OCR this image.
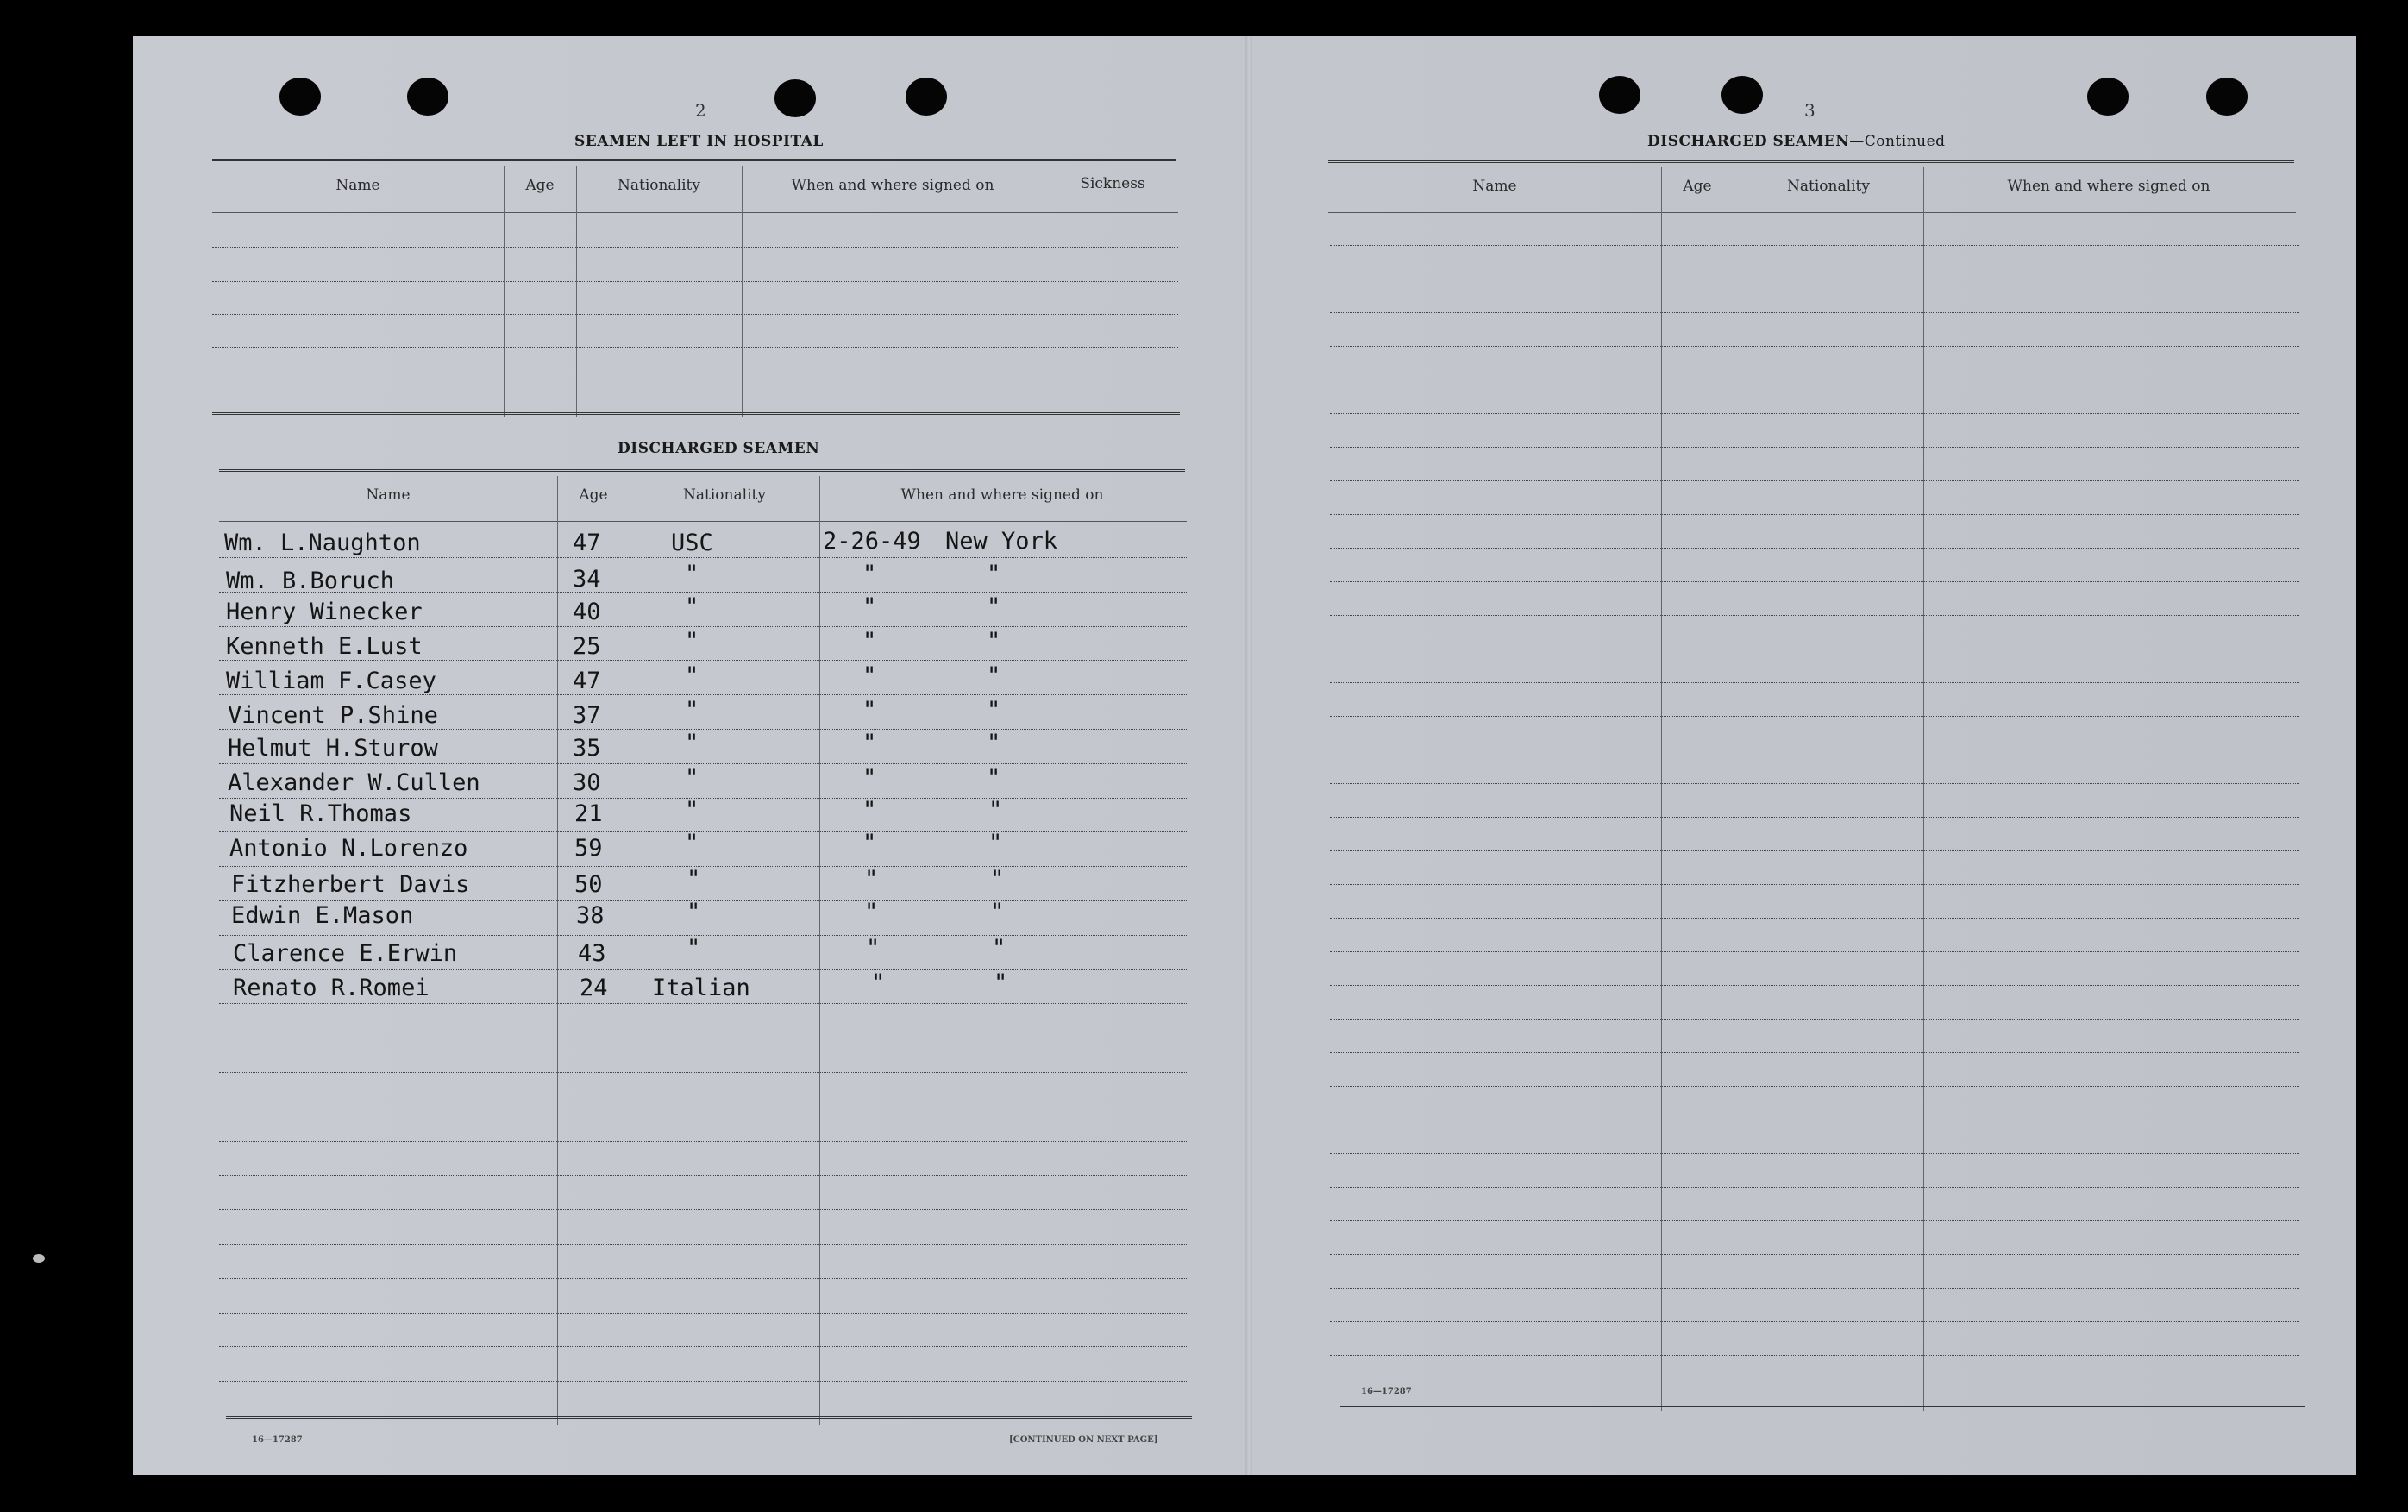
2
SEAMEN LEFT IN HOSPITAL
Name	Age	Nationality	When and where signed on	Sickness
DISCHARGED SEAMEN
Name	Age	Nationality	When and where signed on
Wm. L.Naughton	47	USC	2-26-49 New York
Wm. B.Boruch	34	"	"	"
Henry Winecker	40	"	"	"
Kenneth E.Lust	25	"	"	"
William F.Casey	47	"	"	"
Vincent P.Shine	37	"	"	"
Helmut H.Sturow	35	"	"	"
Alexander W.Cullen	30	"	"	"
Neil R.Thomas	21	"	"	"
Antonio N.Lorenzo	59	"	"	"
Fitzherbert Davis	50	"	"	"
Edwin E.Mason	38	"	"	"
Clarence E.Erwin	43	"	"	"
Renato R.Romei	24 Italian	"	"
16—17287	[CONTINUED ON NEXT PAGE]
3
DISCHARGED SEAMEN—Continued
Name	Age	Nationality	When and where signed on
16—17287
